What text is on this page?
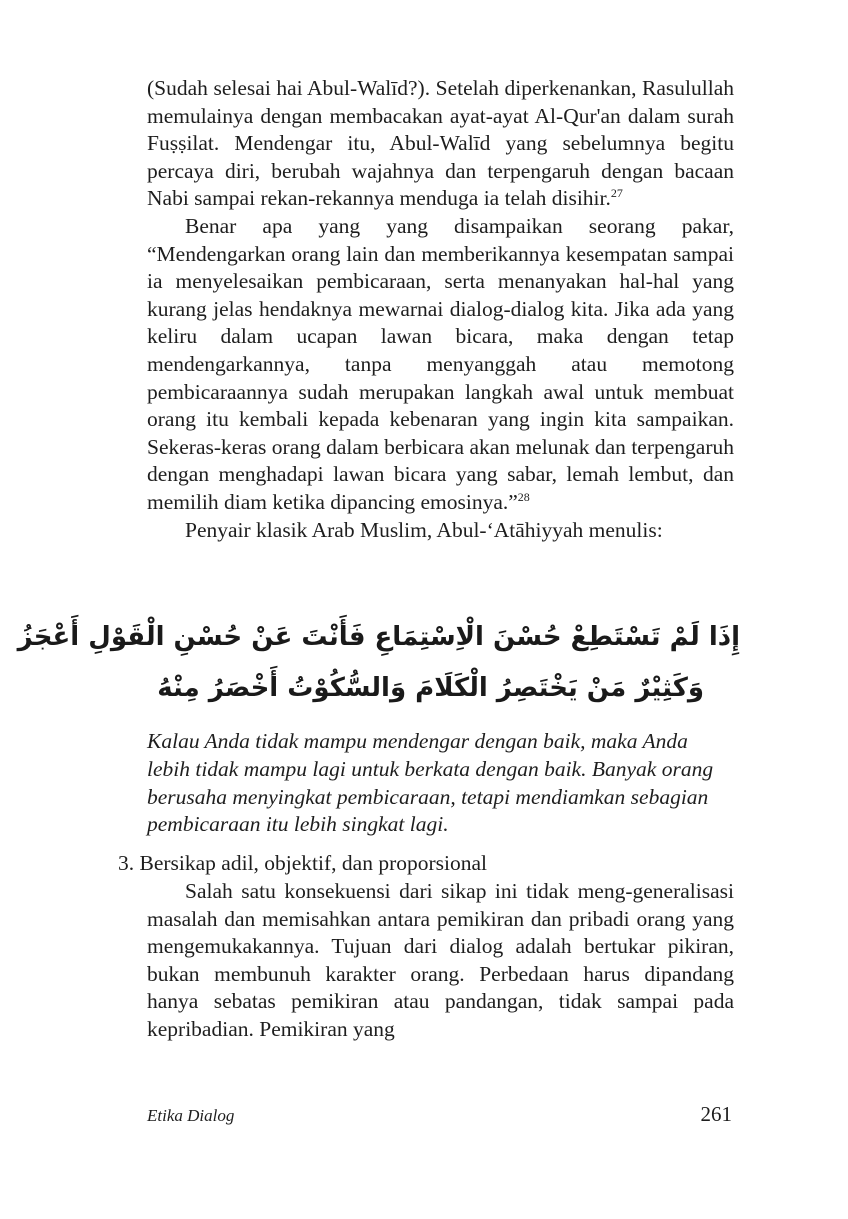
(Sudah selesai hai Abul-Walīd?). Setelah diperkenankan, Rasulullah memulainya dengan membacakan ayat-ayat Al-Qur'an dalam surah Fuṣṣilat. Mendengar itu, Abul-Walīd yang sebelumnya begitu percaya diri, berubah wajahnya dan terpengaruh dengan bacaan Nabi sampai rekan-rekannya menduga ia telah disihir.$^{27}$

Benar apa yang yang disampaikan seorang pakar, “Mendengarkan orang lain dan memberikannya kesempatan sampai ia menyelesaikan pembicaraan, serta menanyakan hal-hal yang kurang jelas hendaknya mewarnai dialog-dialog kita. Jika ada yang keliru dalam ucapan lawan bicara, maka dengan tetap mendengarkannya, tanpa menyanggah atau memotong pembicaraannya sudah merupakan langkah awal untuk membuat orang itu kembali kepada kebenaran yang ingin kita sampaikan. Sekeras-keras orang dalam berbicara akan melunak dan terpengaruh dengan menghadapi lawan bicara yang sabar, lemah lembut, dan memilih diam ketika dipancing emosinya.”$^{28}$

Penyair klasik Arab Muslim, Abul-‘Atāhiyyah menulis:

إِذَا لَمْ تَسْتَطِعْ حُسْنَ الْاِسْتِمَاعِ فَأَنْتَ عَنْ حُسْنِ الْقَوْلِ أَعْجَزُ
وَكَثِيْرٌ مَنْ يَخْتَصِرُ الْكَلَامَ وَالسُّكُوْتُ أَخْصَرُ مِنْهُ

Kalau Anda tidak mampu mendengar dengan baik, maka Anda

lebih tidak mampu lagi untuk berkata dengan baik. Banyak orang

berusaha menyingkat pembicaraan, tetapi mendiamkan sebagian

pembicaraan itu lebih singkat lagi.

3. Bersikap adil, objektif, dan proporsional

Salah satu konsekuensi dari sikap ini tidak meng-generalisasi masalah dan memisahkan antara pemikiran dan pribadi orang yang mengemukakannya. Tujuan dari dialog adalah bertukar pikiran, bukan membunuh karakter orang. Perbedaan harus dipandang hanya sebatas pemikiran atau pandangan, tidak sampai pada kepribadian. Pemikiran yang

Etika Dialog	261
